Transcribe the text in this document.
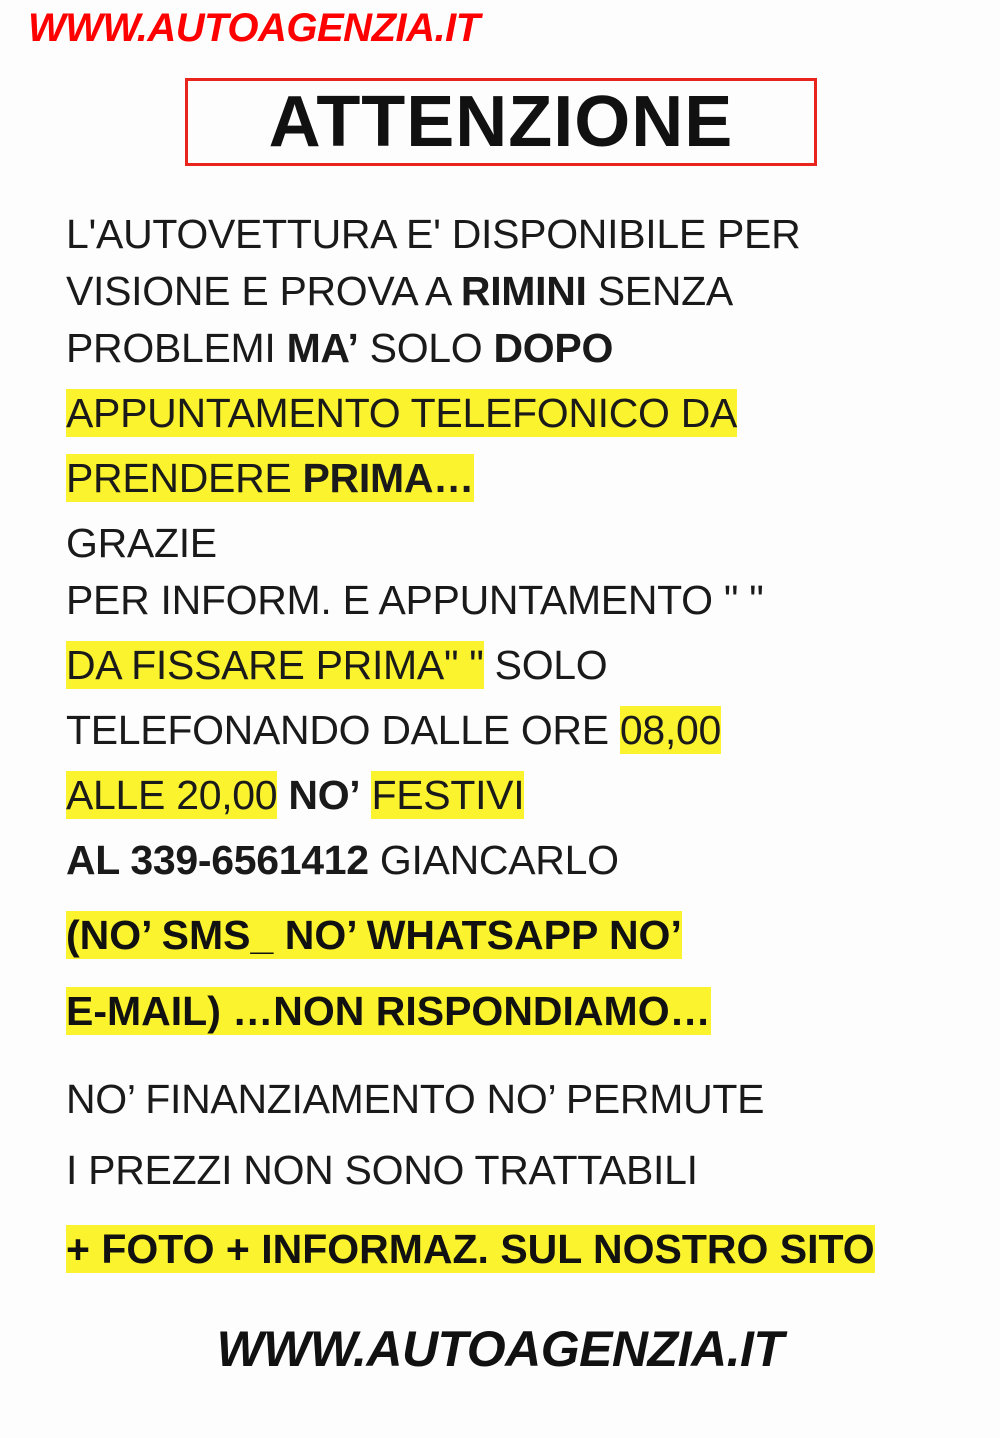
WWW.AUTOAGENZIA.IT
ATTENZIONE
L'AUTOVETTURA E' DISPONIBILE PER
VISIONE E PROVA A RIMINI SENZA
PROBLEMI MA’ SOLO DOPO
APPUNTAMENTO TELEFONICO DA
PRENDERE PRIMA…
GRAZIE
PER INFORM. E APPUNTAMENTO " "
DA FISSARE PRIMA" " SOLO
TELEFONANDO DALLE ORE 08,00
ALLE 20,00 NO’ FESTIVI
AL 339-6561412 GIANCARLO
(NO’ SMS_ NO’ WHATSAPP NO’
E-MAIL) …NON RISPONDIAMO…
NO’ FINANZIAMENTO NO’ PERMUTE
I PREZZI NON SONO TRATTABILI
+ FOTO + INFORMAZ. SUL NOSTRO SITO
WWW.AUTOAGENZIA.IT
